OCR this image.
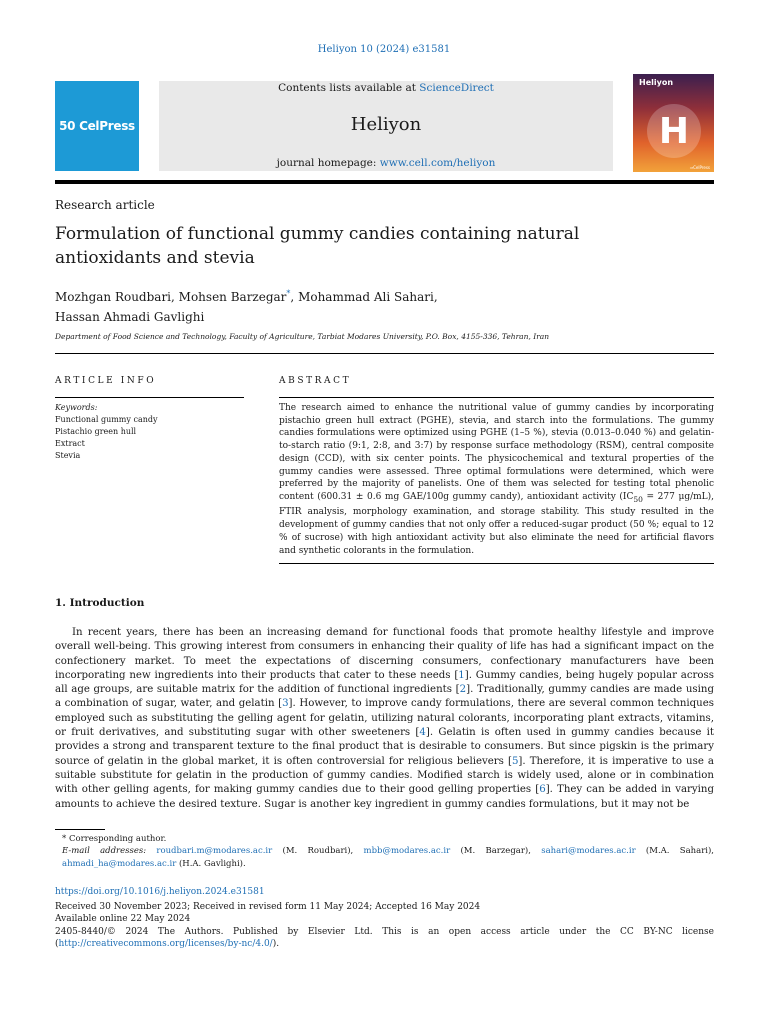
Heliyon 10 (2024) e31581
50 CelPress
Contents lists available at ScienceDirect
Heliyon
journal homepage: www.cell.com/heliyon
Heliyon
H
⇒CelPress
Research article
Formulation of functional gummy candies containing natural antioxidants and stevia
Mozhgan Roudbari, Mohsen Barzegar*, Mohammad Ali Sahari,
Hassan Ahmadi Gavlighi
Department of Food Science and Technology, Faculty of Agriculture, Tarbiat Modares University, P.O. Box, 4155-336, Tehran, Iran
ARTICLE INFO	ABSTRACT
Keywords:
Functional gummy candy
Pistachio green hull
Extract
Stevia
The research aimed to enhance the nutritional value of gummy candies by incorporating pistachio green hull extract (PGHE), stevia, and starch into the formulations. The gummy candies formulations were optimized using PGHE (1–5 %), stevia (0.013–0.040 %) and gelatin-to-starch ratio (9:1, 2:8, and 3:7) by response surface methodology (RSM), central composite design (CCD), with six center points. The physicochemical and textural properties of the gummy candies were assessed. Three optimal formulations were determined, which were preferred by the majority of panelists. One of them was selected for testing total phenolic content (600.31 ± 0.6 mg GAE/100g gummy candy), antioxidant activity ($IC_{50} = 277$ μg/mL), FTIR analysis, morphology examination, and storage stability. This study resulted in the development of gummy candies that not only offer a reduced-sugar product (50 %; equal to 12 % of sucrose) with high antioxidant activity but also eliminate the need for artificial flavors and synthetic colorants in the formulation.
1. Introduction

In recent years, there has been an increasing demand for functional foods that promote healthy lifestyle and improve overall well-being. This growing interest from consumers in enhancing their quality of life has had a significant impact on the confectionery market. To meet the expectations of discerning consumers, confectionary manufacturers have been incorporating new ingredients into their products that cater to these needs [1]. Gummy candies, being hugely popular across all age groups, are suitable matrix for the addition of functional ingredients [2]. Traditionally, gummy candies are made using a combination of sugar, water, and gelatin [3]. However, to improve candy formulations, there are several common techniques employed such as substituting the gelling agent for gelatin, utilizing natural colorants, incorporating plant extracts, vitamins, or fruit derivatives, and substituting sugar with other sweeteners [4]. Gelatin is often used in gummy candies because it provides a strong and transparent texture to the final product that is desirable to consumers. But since pigskin is the primary source of gelatin in the global market, it is often controversial for religious believers [5]. Therefore, it is imperative to use a suitable substitute for gelatin in the production of gummy candies. Modified starch is widely used, alone or in combination with other gelling agents, for making gummy candies due to their good gelling properties [6]. They can be added in varying amounts to achieve the desired texture. Sugar is another key ingredient in gummy candies formulations, but it may not be

* Corresponding author.
E-mail addresses: roudbari.m@modares.ac.ir (M. Roudbari), mbb@modares.ac.ir (M. Barzegar), sahari@modares.ac.ir (M.A. Sahari), ahmadi_ha@modares.ac.ir (H.A. Gavlighi).
https://doi.org/10.1016/j.heliyon.2024.e31581
Received 30 November 2023; Received in revised form 11 May 2024; Accepted 16 May 2024
Available online 22 May 2024
2405-8440/© 2024 The Authors. Published by Elsevier Ltd. This is an open access article under the CC BY-NC license (http://creativecommons.org/licenses/by-nc/4.0/).
